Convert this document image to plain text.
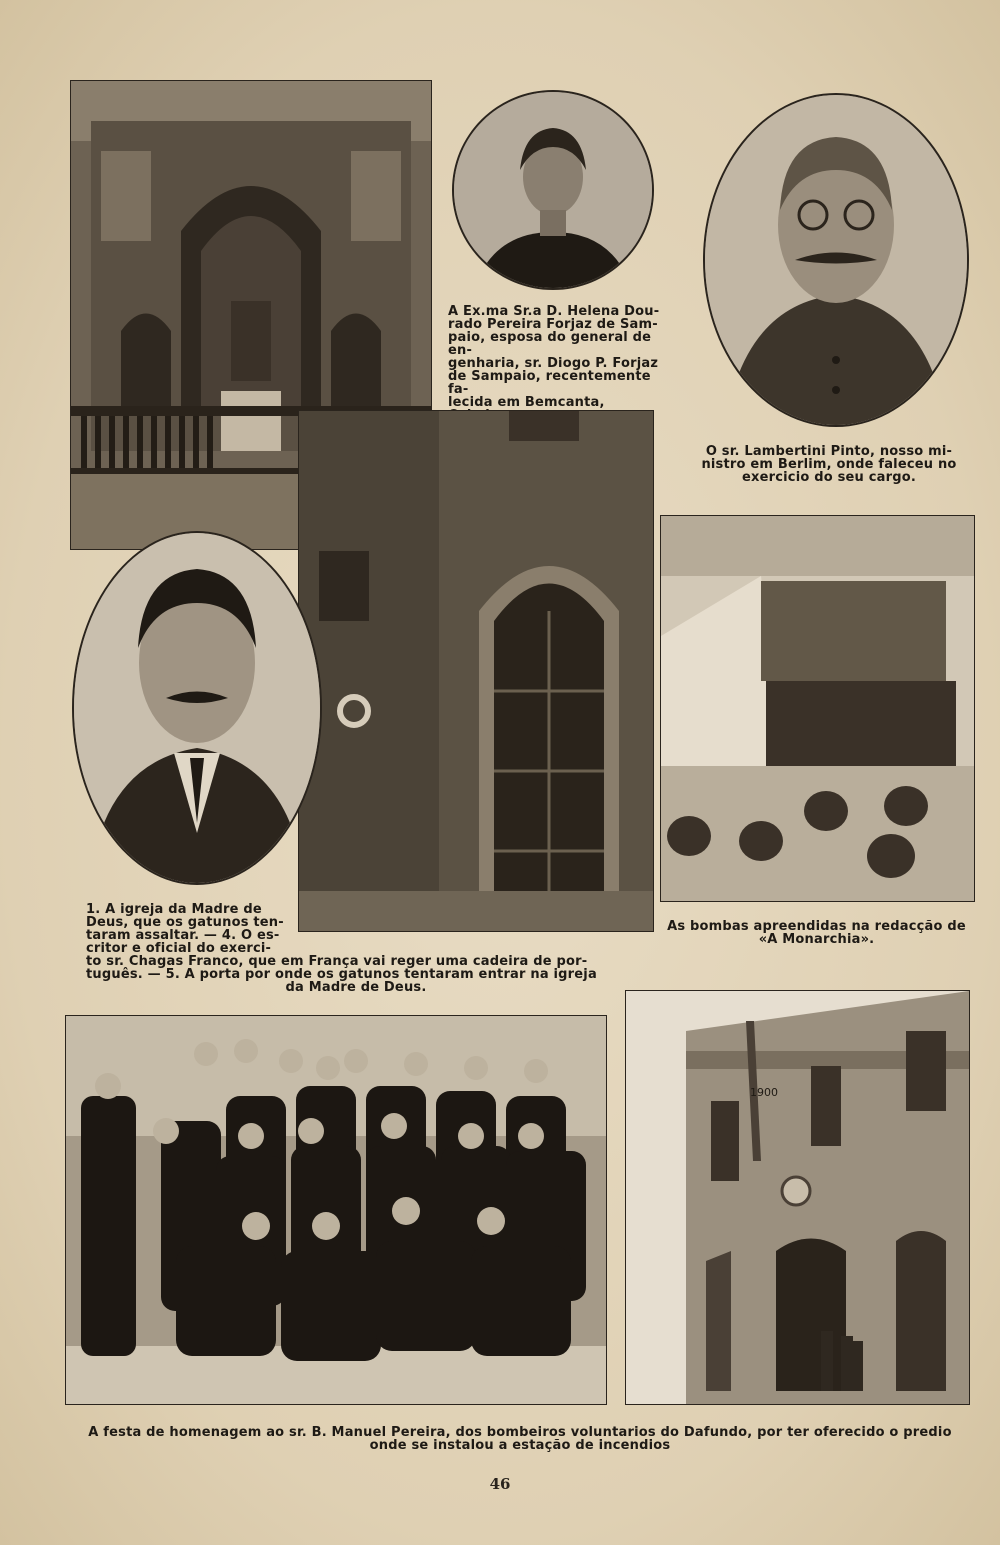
A Ex.ma Sr.a D. Helena Dou-
rado Pereira Forjaz de Sam-
paio, esposa do general de en-
genharia, sr. Diogo P. Forjaz
de Sampaio, recentemente fa-
lecida em Bemcanta,
O sr. Lambertini Pinto, nosso mi-
nistro em Berlim, onde faleceu no
exercicio do seu cargo.
As bombas apreendidas na redacção de
«A Monarchia».
1. A igreja da Madre de
Deus, que os gatunos ten-
taram assaltar. — 4. O es-
critor e oficial do exerci-
to sr. Chagas Franco, que em França vai reger uma cadeira de por-
tuguês. — 5. A porta por onde os gatunos tentaram entrar na igreja
da Madre de Deus.
1900
A festa de homenagem ao sr. B. Manuel Pereira, dos bombeiros voluntarios do Dafundo, por ter oferecido o predio
onde se instalou a estação de incendios
46
